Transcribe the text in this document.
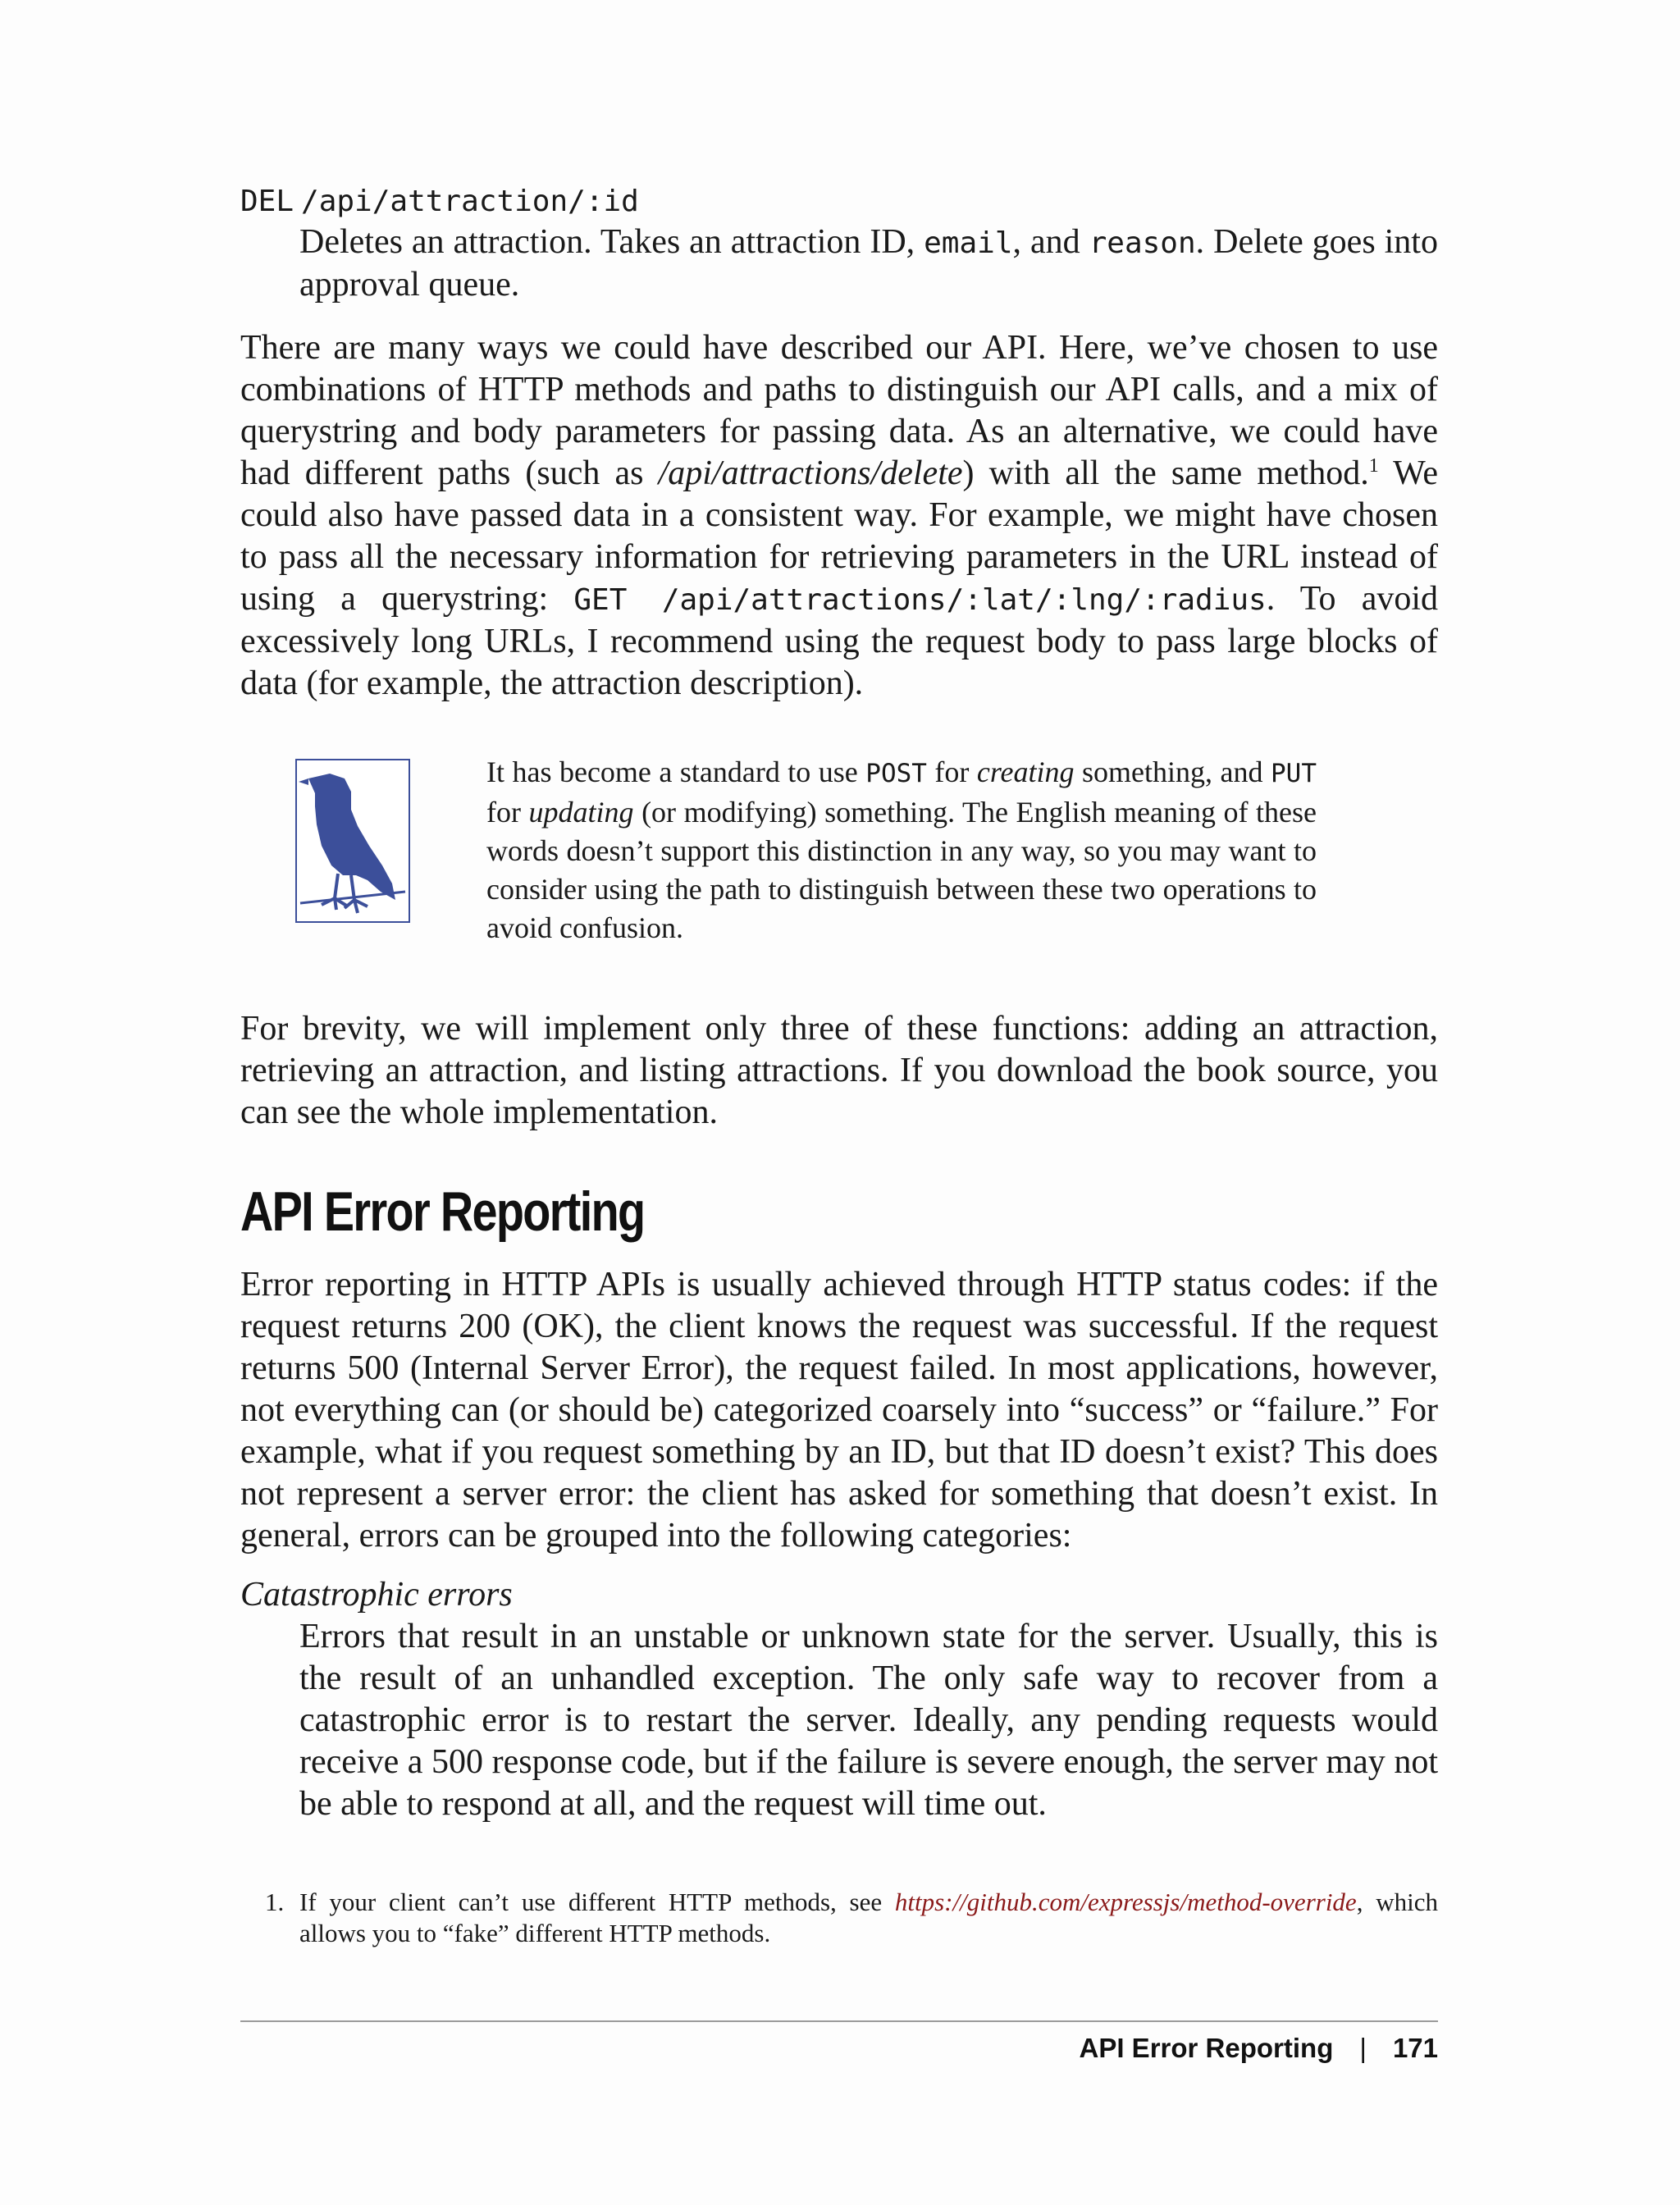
DEL /api/attraction/:id

Deletes an attraction. Takes an attraction ID, email, and reason. Delete goes into approval queue.

There are many ways we could have described our API. Here, we’ve chosen to use combinations of HTTP methods and paths to distinguish our API calls, and a mix of querystring and body parameters for passing data. As an alternative, we could have had different paths (such as /api/attractions/delete) with all the same method.$^1$ We could also have passed data in a consistent way. For example, we might have chosen to pass all the necessary information for retrieving parameters in the URL instead of using a querystring: GET /api/attractions/:lat/:lng/:radius. To avoid excessively long URLs, I recommend using the request body to pass large blocks of data (for example, the attraction description).

It has become a standard to use POST for creating something, and PUT for updating (or modifying) something. The English meaning of these words doesn’t support this distinction in any way, so you may want to consider using the path to distinguish between these two operations to avoid confusion.

For brevity, we will implement only three of these functions: adding an attraction, retrieving an attraction, and listing attractions. If you download the book source, you can see the whole implementation.

API Error Reporting

Error reporting in HTTP APIs is usually achieved through HTTP status codes: if the request returns 200 (OK), the client knows the request was successful. If the request returns 500 (Internal Server Error), the request failed. In most applications, however, not everything can (or should be) categorized coarsely into “success” or “failure.” For example, what if you request something by an ID, but that ID doesn’t exist? This does not represent a server error: the client has asked for something that doesn’t exist. In general, errors can be grouped into the following categories:

Catastrophic errors

Errors that result in an unstable or unknown state for the server. Usually, this is the result of an unhandled exception. The only safe way to recover from a catastrophic error is to restart the server. Ideally, any pending requests would receive a 500 response code, but if the failure is severe enough, the server may not be able to respond at all, and the request will time out.

1. If your client can’t use different HTTP methods, see https://github.com/expressjs/method-override, which allows you to “fake” different HTTP methods.
API Error Reporting | 171
